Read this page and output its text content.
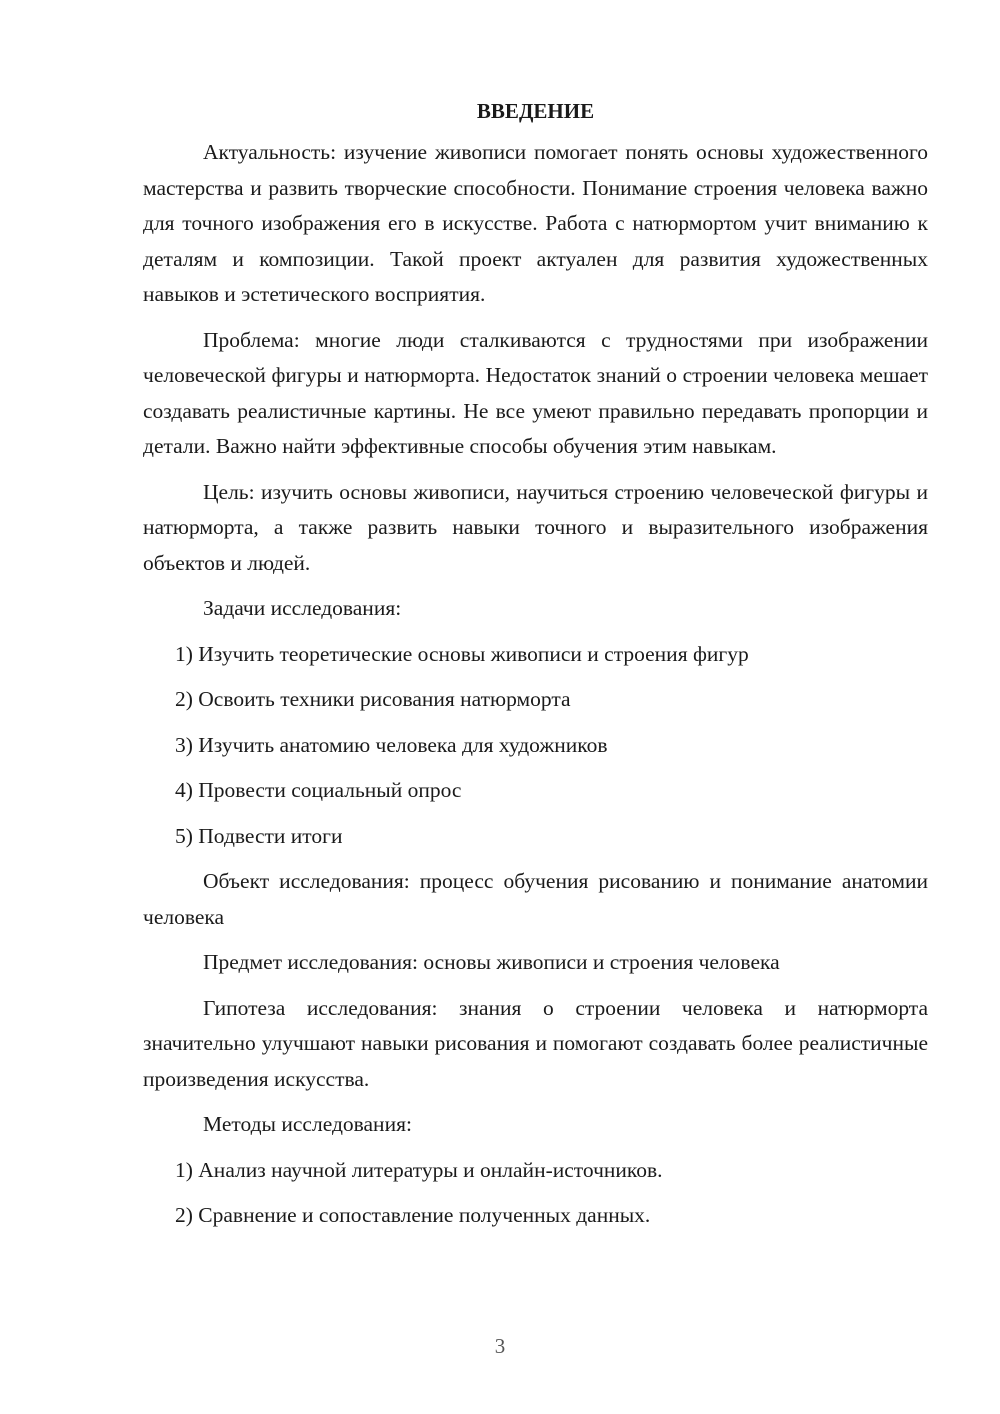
ВВЕДЕНИЕ
Актуальность: изучение живописи помогает понять основы художественного мастерства и развить творческие способности. Понимание строения человека важно для точного изображения его в искусстве. Работа с натюрмортом учит вниманию к деталям и композиции. Такой проект актуален для развития художественных навыков и эстетического восприятия.
Проблема: многие люди сталкиваются с трудностями при изображении человеческой фигуры и натюрморта. Недостаток знаний о строении человека мешает создавать реалистичные картины. Не все умеют правильно передавать пропорции и детали. Важно найти эффективные способы обучения этим навыкам.
Цель: изучить основы живописи, научиться строению человеческой фигуры и натюрморта, а также развить навыки точного и выразительного изображения объектов и людей.
Задачи исследования:
1) Изучить теоретические основы живописи и строения фигур
2) Освоить техники рисования натюрморта
3) Изучить анатомию человека для художников
4) Провести социальный опрос
5) Подвести итоги
Объект исследования: процесс обучения рисованию и понимание анатомии человека
Предмет исследования: основы живописи и строения человека
Гипотеза исследования: знания о строении человека и натюрморта значительно улучшают навыки рисования и помогают создавать более реалистичные произведения искусства.
Методы исследования:
1) Анализ научной литературы и онлайн-источников.
2) Сравнение и сопоставление полученных данных.
3
